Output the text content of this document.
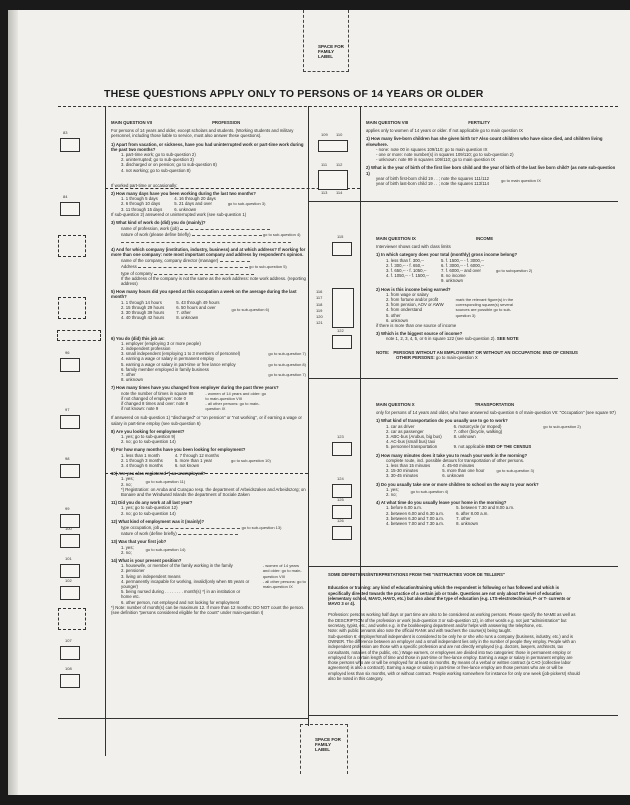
SPACE FOR FAMILY LABEL
THESE QUESTIONS APPLY ONLY TO PERSONS OF 14 YEARS OR OLDER
83
84
96
97
98
99
100
101
102
107
108
MAIN QUESTION VII	PROFESSION
For persons of 14 years and older, except scholars and students. (Working students and military personnel, including those liable to service, must also answer these questions).
1) Apart from vacation, or sickness, have you had uninterrupted work or part-time work during the past two months?
1. part-time work; go to sub-question 2)
2. uninterrupted; go to sub-question 3)
3. discharged or on pension; go to sub-question 8)
4. not working; go to sub-question 8)
If worked part-time or occasionally:
2) How many days have you been working during the last two months?
1. 1 through 5 days
2. 6 through 10 days
3. 11 through 15 days
4. 16 through 20 days
5. 21 days and over
6. unknown
go to sub-question 3)
If sub-question 2) answered or uninterrupted work (see sub-question 1)
3) What kind of work do (did) you do (mainly)?
name of profession, work (job)
nature of work (please define briefly)	go to sub-question 4)
4) And for which company (institution, industry, business) and at which address? If working for more than one company: note most important company and address by respondent's opinion.
name of the company, company director (manager)
Address	go to sub-question 5)
type of company
If the address of the company is not the same as the work address: note work address. (reporting address)
5) How many hours did you spend at this occupation a week on the average during the last month?
1. 1 through 14 hours
2. 15 through 29 hours
3. 30 through 39 hours
4. 40 through 42 hours
5. 43 through 49 hours
6. 50 hours and over
7. other
8. unknown
go to sub-question 6)
6) You do (did) this job as:
1. employer (employing 3 or more people)
2. independent profession
3. small independent (employing 1 to 3 members of personnel)	go to sub-question 7)
4. earning a wage or salary in permanent employ
5. earning a wage or salary in part-time or free lance employ	go to sub-question 8)
6. family member employed in family business
7. other	go to sub-question 7)
8. unknown
7) How many times have you changed from employer during the past three years?
note the number of times in square 98
if not changed of employer: note 0
if changed 8 times and over: note 8
if not known: note 9
- women of 14 years and older: go to main-question VIII
- all other persons: go to main-question IX
If answered on sub-question 1) "discharged" or "on pension" or "not working", or if earning a wage or salary in part-time employ (see sub-question 6)
8) Are you looking for employment?
1. yes; go to sub-question 9)
2. no; go to sub-question 14)
9) For how many months have you been looking for employment?
1. less than 1 month
2. 1 through 3 months
3. 4 through 6 months
4. 7 through 12 months
5. more than 1 year
6. not known
go to sub-question 10)
10) Are you also registered *) as unemployed?
1. yes;
2. no;
go to sub-question 11)
*) Registration: on Aruba and Curaçao resp. the department of Arbeidszaken and Arbeidszorg; on Bonaire and the Windward Islands the department of Sociale Zaken
11) Did you do any work at all last year?
1. yes; go to sub-question 12)
2. no; go to sub-question 14)
12) What kind of employment was it (mainly)?
type occupation, job	go to sub-question 13)
nature of work (define briefly)
13) Was that your first job?
1. yes;
2. no;
go to sub-question 14)
14) What is your present position?
1. housewife, or member of the family working in the family
2. pensioner
3. living on independent means
4. permanently incapable for working, invalid(only when 65 years or younger)
5. being nursed during . . . . . . . . month(s) *) in an institution or home etc.
6. other person, not employed and not looking for employment
- women of 14 years and older: go to main-question VIII
- all other persons: go to main-question IX
*) Note: number of month(s) can be maximum 12. If more than 12 months: DO NOT count the person. (see definition "persons considered eligible for the count" under main-question I)
109 110
111 112
113 114
MAIN QUESTION VIII	FERTILITY
applies only to women of 14 years or older. If not applicable go to main question IX
1) How many live-born children has she given birth to? Also count children who have since died, and children living elsewhere.
- none: note 00 in squares 109/110; go to main question IX
- one or more: note number(s) in squares 109/110; go to sub-question 2)
- unknown: note 99 in squares 109/110; go to main question IX
2) What is the year of birth of the first live born child and the year of birth of the last live born child? (as note sub-question 1)
year of birth first-born child 19 . . ; note the squares 111/112
year of birth last-born child 19 . . ; note the squares 113/114
go to main question IX
115
116
117
118
119
120
121
122
MAIN QUESTION IX	INCOME
Interviewer shows card with class limits
1) In which category does your total (monthly) gross income belong?
1. less than f. 300,--
2. f. 300,-- - f. 650,--
3. f. 650,-- - f. 1050,--
4. f. 1050,-- - f. 1500,--
5. f. 1500,-- - f. 3000,--
6. f. 3000,-- - f. 6000,--
7. f. 6000,-- and over
8. no income
9. unknown
go to subquestion 2)
2) How is this income being earned?
1. from wage or salary
2. from fortune and/or profit
3. from pension, AOV or AWW
4. from onderstand
5. other
6. unknown
mark the relevant figure(s) in the corresponding square(s) several sources are possible go to sub-question 3)
if there is more than one source of income
3) Which is the biggest source of income?
note 1, 2, 3, 4, 5, or 6 in square 122 (see sub-question 2). SEE NOTE
NOTE: PERSONS WITHOUT AN EMPLOYMENT OR WITHOUT AN OCCUPATION: END OF CENSUS
OTHER PERSONS: go to main-question X
123
124
125
126
MAIN QUESTION X	TRANSPORTATION
only for persons of 14 years and older, who have answered sub-question 6 of main-question VII: "Occupation" (see square 97)
1) What kind of transportation do you usually use to go to work?
1. car as driver
2. car as passenger
3. ABC-bus (Arubus, big bus)
4. AC-bus (small bus) taxi
5. personnel transportation
6. motorcycle (or moped)
7. other (bicycle, walking)
8. unknown

9. not applicable END OF THE CENSUS
go to sub-question 2)
2) How many minutes does it take you to reach your work in the morning?
complete route, incl. possible detours for transportation of other persons.
1. less than 15 minutes
2. 15-30 minutes
3. 30-45 minutes
4. 45-60 minutes
5. more than one hour
6. unknown
go to sub-question 3)
3) Do you usually take one or more children to school on the way to your work?
1. yes;
2. no;
go to sub-question 4)
4) At what time do you usually leave your home in the morning?
1. before 6.00 a.m.
2. between 6.00 and 6.30 a.m.
3. between 6.30 and 7.00 a.m.
4. between 7.00 and 7.30 a.m.
5. between 7.30 and 8.00 a.m.
6. after 8.00 a.m.
7. other
8. unknown
SOME DEFINITIONS/INTERPRETATIONS FROM THE "INSTRUKTIES VOOR DE TELLERS"
Education or training: any kind of education/training which the respondent is following or has followed and which is specifically directed towards the practice of a certain job or trade. Questions are not only about the level of education (elementary school, MAVO, HAVO, etc.) but also about the type of education (e.g. LTS-electrotechnical, P- or T- currents or MAVO 3 or 4).
Profession: persons working half days or part time are also to be considered as working persons. Please specify the NAME as well as the DESCRIPTION of the profession or work (sub-question 3 or sub-question 12), in other words e.g. not just "administration" but secretary, typist, etc.; and works e.g. in the bookkeeping department and/or helps with answering the telephone, etc.
Note: with public servants also note the official RANK and with teachers the course(s) being taught.
Sub-question 6: employer/small independent is considered to be only he or she who runs a company (business, industry, etc.) and is OWNER. The difference between an employer and a small independent lies only in the number of people they employ. People with an independent profession are those with a specific profession and are not directly employed (e.g. doctors, lawyers, architects, tax consultants, notaries of the public, etc.) Wage earners, or employees are divided into two categories: those in permanent employ or employed for a certain length of time and those in part-time or free-lance employ. Earning a wage or salary in permanent employ are those persons who are or will be employed for at least six months. By means of a verbal or written contract (a CAO (collective labor agreement) is also a contract!). Earning a wage or salary in part-time or free-lance employ are those persons who are or will be employed less than six months, with or without contract. People working somewhere for instance for only one week (job-pickers!) should also be noted in this category.
SPACE FOR FAMILY LABEL
